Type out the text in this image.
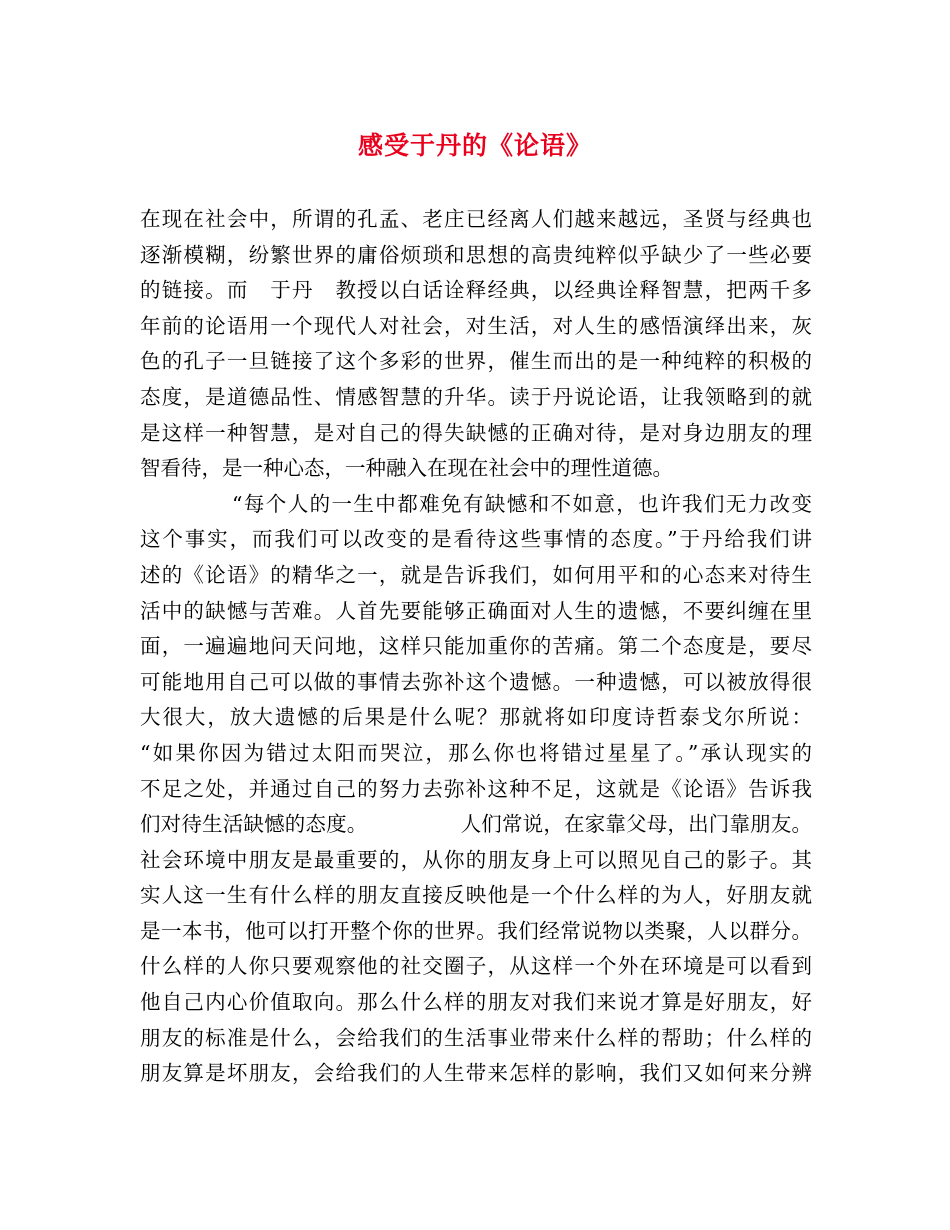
感受于丹的《论语》
在现在社会中，所谓的孔孟、老庄已经离人们越来越远，圣贤与经典也
逐渐模糊，纷繁世界的庸俗烦琐和思想的高贵纯粹似乎缺少了一些必要
的链接。而　于丹　教授以白话诠释经典，以经典诠释智慧，把两千多
年前的论语用一个现代人对社会，对生活，对人生的感悟演绎出来，灰
色的孔子一旦链接了这个多彩的世界，催生而出的是一种纯粹的积极的
态度，是道德品性、情感智慧的升华。读于丹说论语，让我领略到的就
是这样一种智慧，是对自己的得失缺憾的正确对待，是对身边朋友的理
智看待，是一种心态，一种融入在现在社会中的理性道德。
“每个人的一生中都难免有缺憾和不如意，也许我们无力改变
这个事实，而我们可以改变的是看待这些事情的态度。”于丹给我们讲
述的《论语》的精华之一，就是告诉我们，如何用平和的心态来对待生
活中的缺憾与苦难。人首先要能够正确面对人生的遗憾，不要纠缠在里
面，一遍遍地问天问地，这样只能加重你的苦痛。第二个态度是，要尽
可能地用自己可以做的事情去弥补这个遗憾。一种遗憾，可以被放得很
大很大，放大遗憾的后果是什么呢？那就将如印度诗哲泰戈尔所说：
“如果你因为错过太阳而哭泣，那么你也将错过星星了。”承认现实的
不足之处，并通过自己的努力去弥补这种不足，这就是《论语》告诉我
们对待生活缺憾的态度。　　　　　人们常说，在家靠父母，出门靠朋友。
社会环境中朋友是最重要的，从你的朋友身上可以照见自己的影子。其
实人这一生有什么样的朋友直接反映他是一个什么样的为人，好朋友就
是一本书，他可以打开整个你的世界。我们经常说物以类聚，人以群分。
什么样的人你只要观察他的社交圈子，从这样一个外在环境是可以看到
他自己内心价值取向。那么什么样的朋友对我们来说才算是好朋友，好
朋友的标准是什么，会给我们的生活事业带来什么样的帮助；什么样的
朋友算是坏朋友，会给我们的人生带来怎样的影响，我们又如何来分辨
